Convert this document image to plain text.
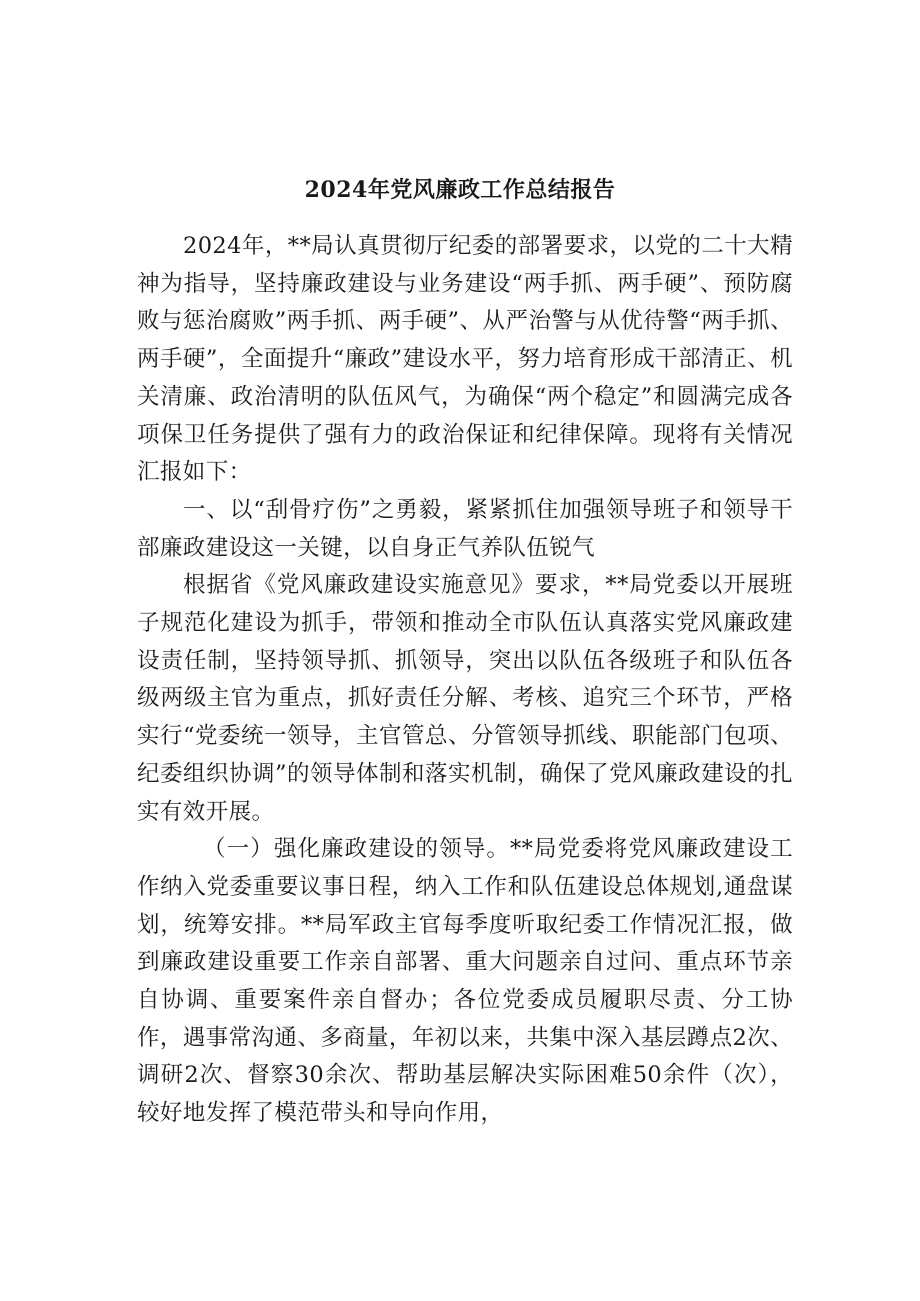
2024年党风廉政工作总结报告

2024年，**局认真贯彻厅纪委的部署要求，以党的二十大精神为指导，坚持廉政建设与业务建设“两手抓、两手硬”、预防腐败与惩治腐败”两手抓、两手硬”、从严治警与从优待警“两手抓、两手硬”，全面提升“廉政”建设水平，努力培育形成干部清正、机关清廉、政治清明的队伍风气，为确保“两个稳定”和圆满完成各项保卫任务提供了强有力的政治保证和纪律保障。现将有关情况汇报如下：

一、以“刮骨疗伤”之勇毅，紧紧抓住加强领导班子和领导干部廉政建设这一关键，以自身正气养队伍锐气

根据省《党风廉政建设实施意见》要求，**局党委以开展班子规范化建设为抓手，带领和推动全市队伍认真落实党风廉政建设责任制，坚持领导抓、抓领导，突出以队伍各级班子和队伍各级两级主官为重点，抓好责任分解、考核、追究三个环节，严格实行“党委统一领导，主官管总、分管领导抓线、职能部门包项、纪委组织协调”的领导体制和落实机制，确保了党风廉政建设的扎实有效开展。

（一）强化廉政建设的领导。**局党委将党风廉政建设工作纳入党委重要议事日程，纳入工作和队伍建设总体规划,通盘谋划，统筹安排。**局军政主官每季度听取纪委工作情况汇报，做到廉政建设重要工作亲自部署、重大问题亲自过问、重点环节亲自协调、重要案件亲自督办；各位党委成员履职尽责、分工协作，遇事常沟通、多商量，年初以来，共集中深入基层蹲点2次、调研2次、督察30余次、帮助基层解决实际困难50余件（次），较好地发挥了模范带头和导向作用，
